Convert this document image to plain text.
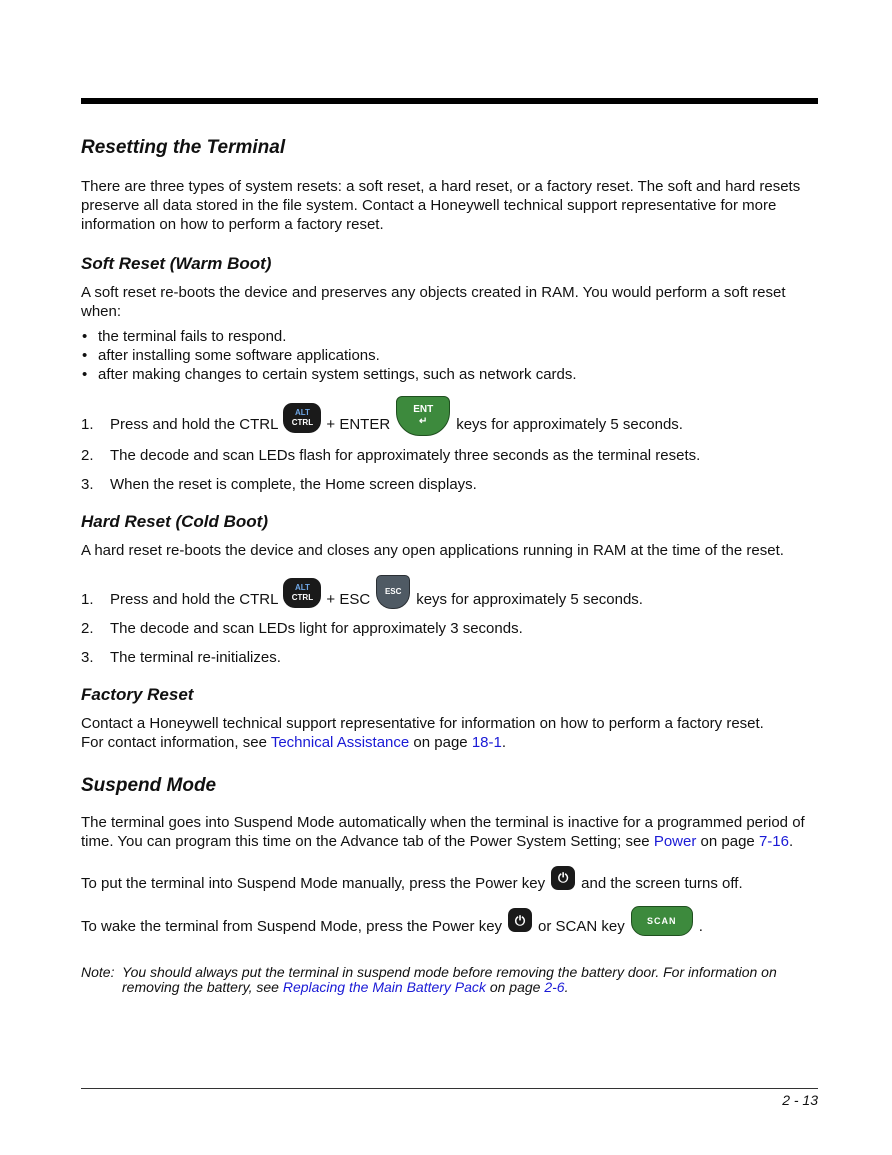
Resetting the Terminal

There are three types of system resets: a soft reset, a hard reset, or a factory reset. The soft and hard resets preserve all data stored in the file system. Contact a Honeywell technical support representative for more information on how to perform a factory reset.

Soft Reset (Warm Boot)

A soft reset re-boots the device and preserves any objects created in RAM. You would perform a soft reset when:

• the terminal fails to respond.
• after installing some software applications.
• after making changes to certain system settings, such as network cards.
1.	Press and hold the CTRL
ALT
CTRL + ENTER
ENT
↵ keys for approximately 5 seconds.
2.	The decode and scan LEDs flash for approximately three seconds as the terminal resets.
3.	When the reset is complete, the Home screen displays.
Hard Reset (Cold Boot)

A hard reset re-boots the device and closes any open applications running in RAM at the time of the reset.

1.	Press and hold the CTRL
ALT
CTRL + ESC ESC keys for approximately 5 seconds.
2.	The decode and scan LEDs light for approximately 3 seconds.
3.	The terminal re-initializes.
Factory Reset

Contact a Honeywell technical support representative for information on how to perform a factory reset.
For contact information, see Technical Assistance on page 18-1.

Suspend Mode

The terminal goes into Suspend Mode automatically when the terminal is inactive for a programmed period of time. You can program this time on the Advance tab of the Power System Setting; see Power on page 7-16.

To put the terminal into Suspend Mode manually, press the Power key ⏻ and the screen turns off.
To wake the terminal from Suspend Mode, press the Power key ⏻ or SCAN key SCAN .
Note: You should always put the terminal in suspend mode before removing the battery door. For information on removing the battery, see Replacing the Main Battery Pack on page 2-6.
2 - 13
